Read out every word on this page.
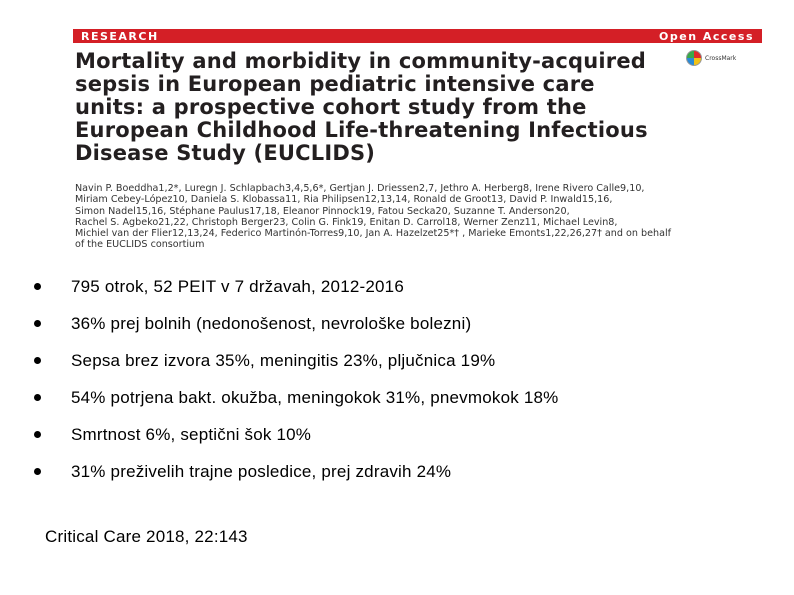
RESEARCH	Open Access
CrossMark
Mortality and morbidity in community-acquired sepsis in European pediatric intensive care units: a prospective cohort study from the European Childhood Life-threatening Infectious Disease Study (EUCLIDS)

Navin P. Boeddha1,2*, Luregn J. Schlapbach3,4,5,6*, Gertjan J. Driessen2,7, Jethro A. Herberg8, Irene Rivero Calle9,10,
Miriam Cebey-López10, Daniela S. Klobassa11, Ria Philipsen12,13,14, Ronald de Groot13, David P. Inwald15,16,
Simon Nadel15,16, Stéphane Paulus17,18, Eleanor Pinnock19, Fatou Secka20, Suzanne T. Anderson20,
Rachel S. Agbeko21,22, Christoph Berger23, Colin G. Fink19, Enitan D. Carrol18, Werner Zenz11, Michael Levin8,
Michiel van der Flier12,13,24, Federico Martinón-Torres9,10, Jan A. Hazelzet25*† , Marieke Emonts1,22,26,27† and on behalf
of the EUCLIDS consortium

795 otrok, 52 PEIT v 7 državah, 2012-2016
36% prej bolnih (nedonošenost, nevrološke bolezni)
Sepsa brez izvora 35%, meningitis 23%, pljučnica 19%
54% potrjena bakt. okužba, meningokok 31%, pnevmokok 18%
Smrtnost 6%, septični šok 10%
31% preživelih trajne posledice, prej zdravih 24%
Critical Care 2018, 22:143
